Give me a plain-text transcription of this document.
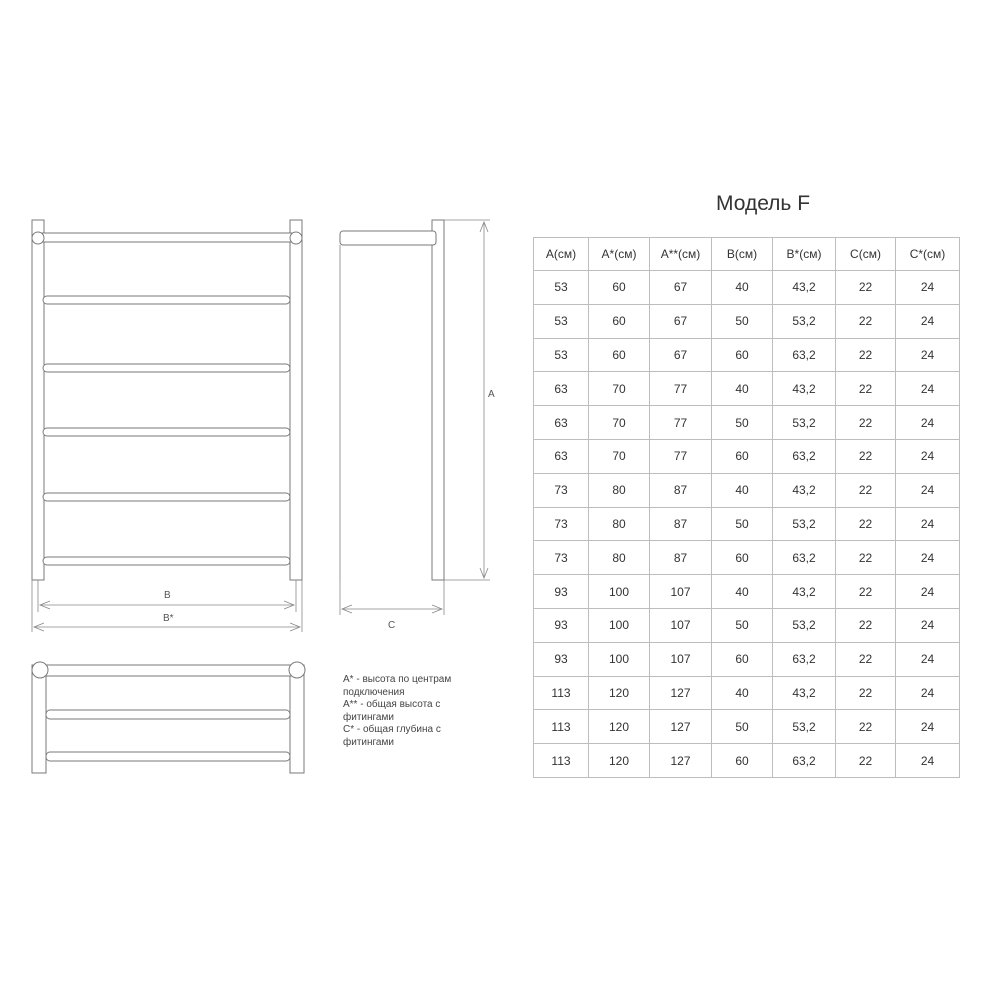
A
B
B*
C
A* - высота по центрам подключения
A** - общая высота с фитингами
C* - общая глубина с фитингами
Модель F
A(см)	A*(см)	A**(см)	B(см)	B*(см)	C(см)	C*(см)
53	60	67	40	43,2	22	24
53	60	67	50	53,2	22	24
53	60	67	60	63,2	22	24
63	70	77	40	43,2	22	24
63	70	77	50	53,2	22	24
63	70	77	60	63,2	22	24
73	80	87	40	43,2	22	24
73	80	87	50	53,2	22	24
73	80	87	60	63,2	22	24
93	100	107	40	43,2	22	24
93	100	107	50	53,2	22	24
93	100	107	60	63,2	22	24
113	120	127	40	43,2	22	24
113	120	127	50	53,2	22	24
113	120	127	60	63,2	22	24
